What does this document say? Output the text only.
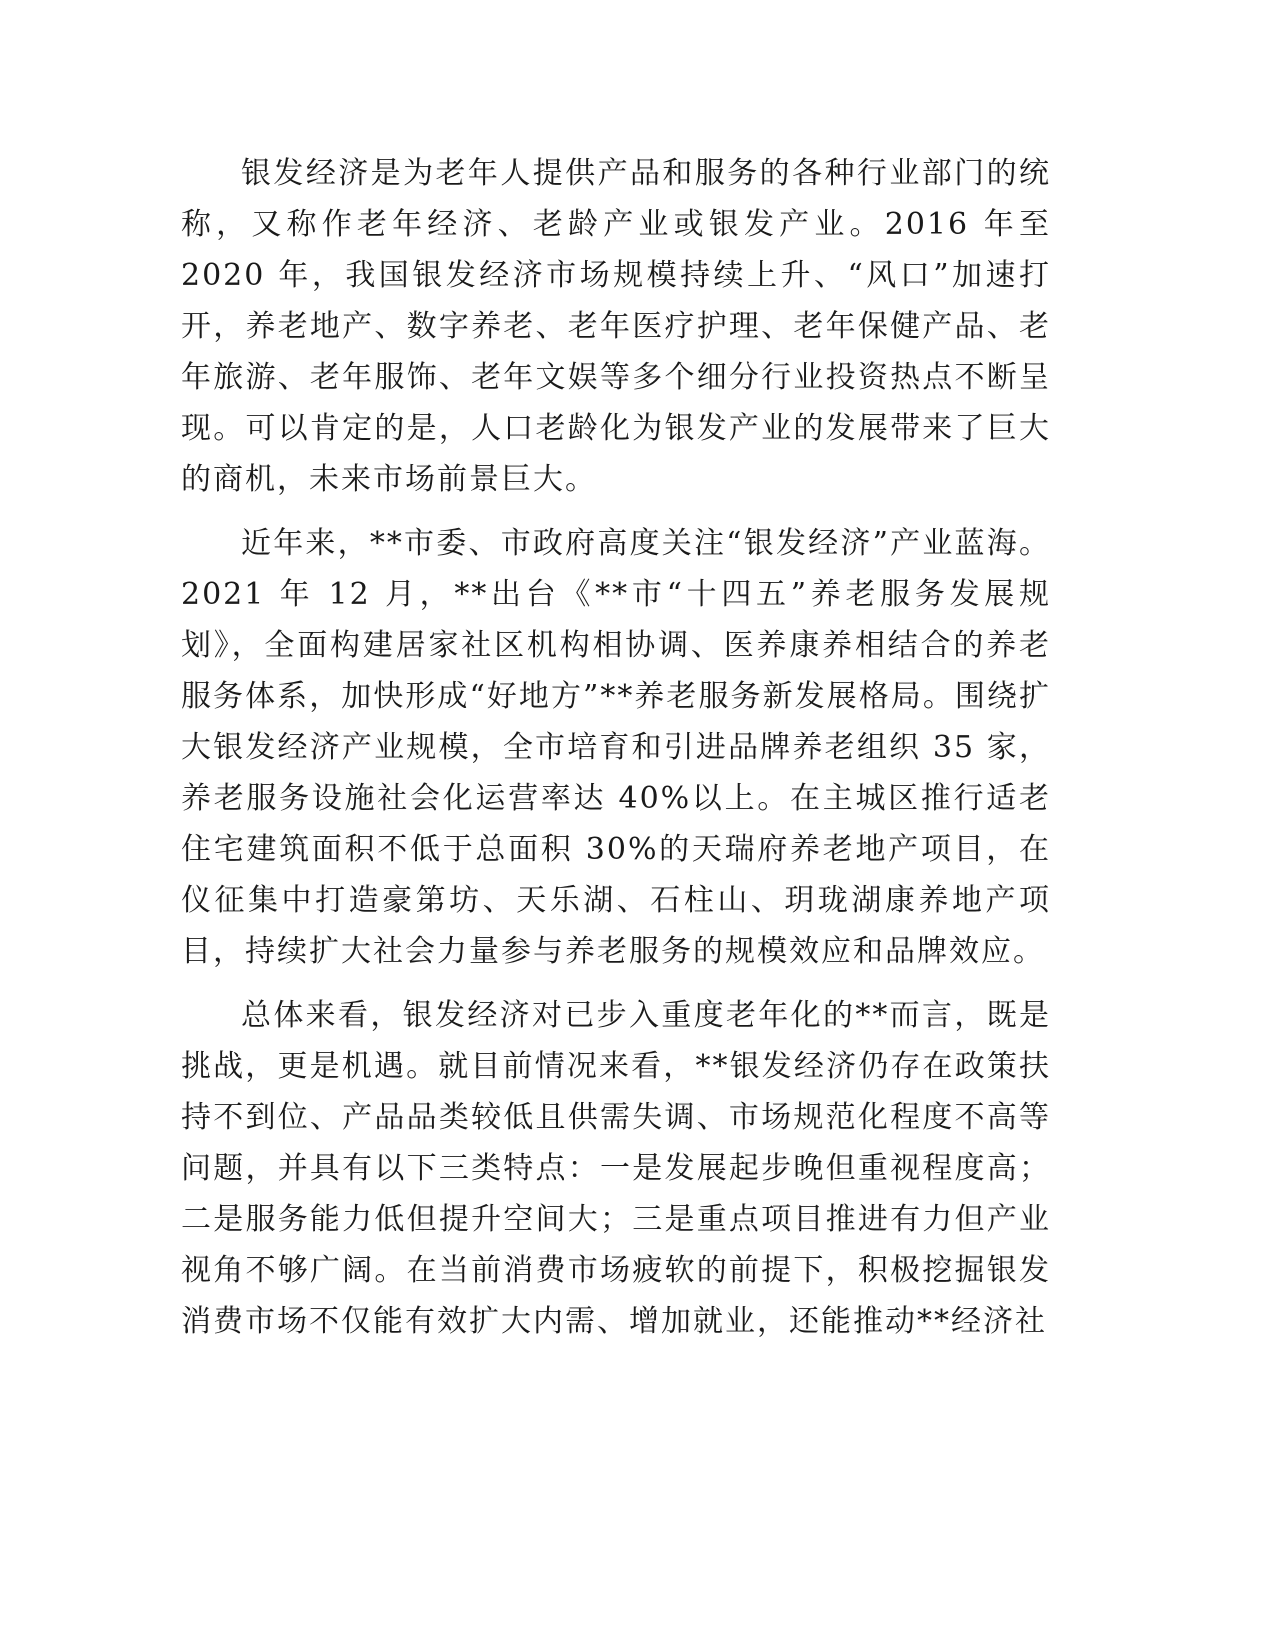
银发经济是为老年人提供产品和服务的各种行业部门的统称，又称作老年经济、老龄产业或银发产业。2016 年至 2020 年，我国银发经济市场规模持续上升、“风口”加速打开，养老地产、数字养老、老年医疗护理、老年保健产品、老年旅游、老年服饰、老年文娱等多个细分行业投资热点不断呈现。可以肯定的是，人口老龄化为银发产业的发展带来了巨大的商机，未来市场前景巨大。

近年来，**市委、市政府高度关注“银发经济”产业蓝海。2021 年 12 月，**出台《**市“十四五”养老服务发展规划》，全面构建居家社区机构相协调、医养康养相结合的养老服务体系，加快形成“好地方”**养老服务新发展格局。围绕扩大银发经济产业规模，全市培育和引进品牌养老组织 35 家，养老服务设施社会化运营率达 40%以上。在主城区推行适老住宅建筑面积不低于总面积 30%的天瑞府养老地产项目，在仪征集中打造豪第坊、天乐湖、石柱山、玥珑湖康养地产项目，持续扩大社会力量参与养老服务的规模效应和品牌效应。

总体来看，银发经济对已步入重度老年化的**而言，既是挑战，更是机遇。就目前情况来看，**银发经济仍存在政策扶持不到位、产品品类较低且供需失调、市场规范化程度不高等问题，并具有以下三类特点：一是发展起步晚但重视程度高；二是服务能力低但提升空间大；三是重点项目推进有力但产业视角不够广阔。在当前消费市场疲软的前提下，积极挖掘银发消费市场不仅能有效扩大内需、增加就业，还能推动**经济社
